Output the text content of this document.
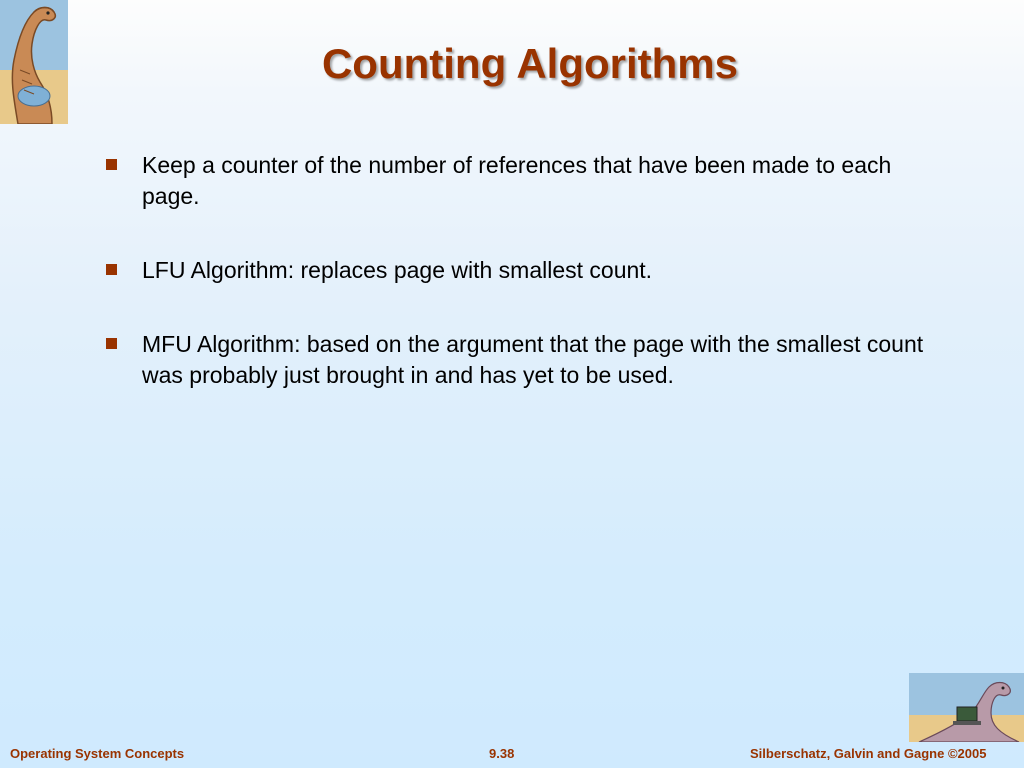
Counting Algorithms
Keep a counter of the number of references that have been made to each page.
LFU Algorithm: replaces page with smallest count.
MFU Algorithm: based on the argument that the page with the smallest count was probably just brought in and has yet to be used.
Operating System Concepts	9.38	Silberschatz, Galvin and Gagne ©2005
